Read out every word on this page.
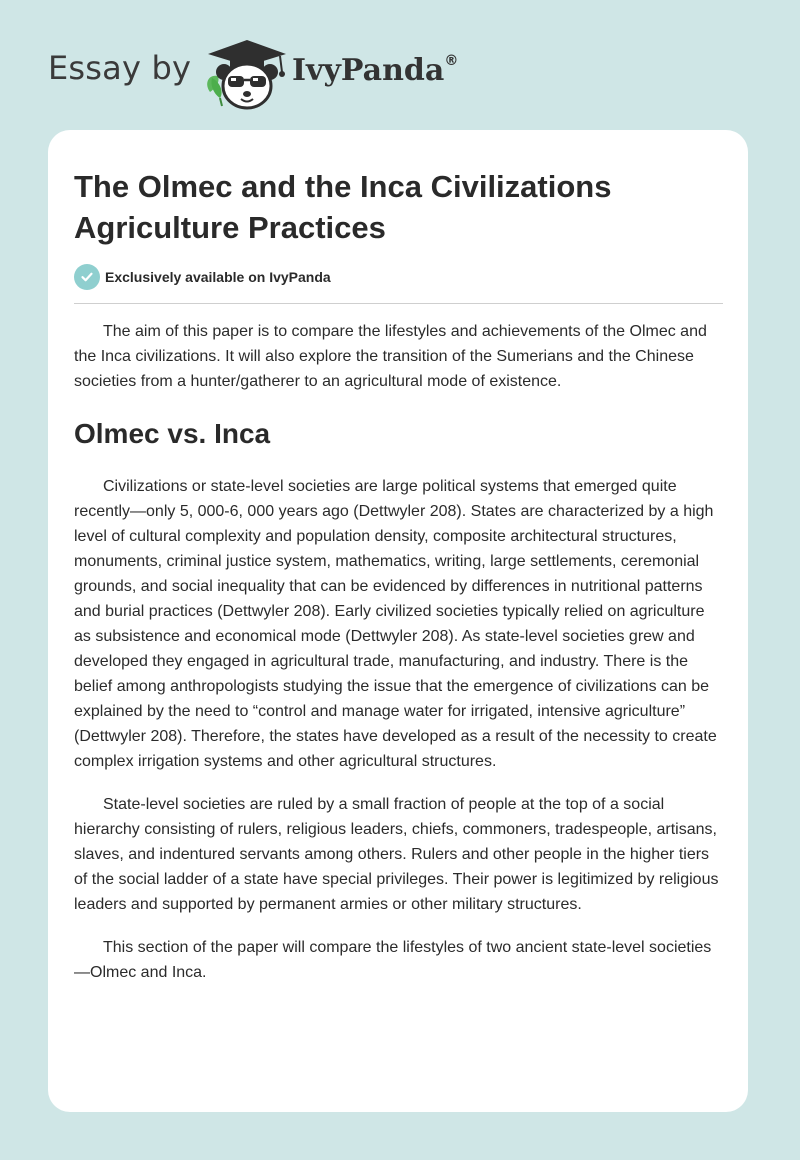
Essay by	IvyPanda®
The Olmec and the Inca Civilizations Agriculture Practices
Exclusively available on IvyPanda

The aim of this paper is to compare the lifestyles and achievements of the Olmec and the Inca civilizations. It will also explore the transition of the Sumerians and the Chinese societies from a hunter/gatherer to an agricultural mode of existence.

Olmec vs. Inca

Civilizations or state-level societies are large political systems that emerged quite recently—only 5, 000-6, 000 years ago (Dettwyler 208). States are characterized by a high level of cultural complexity and population density, composite architectural structures, monuments, criminal justice system, mathematics, writing, large settlements, ceremonial grounds, and social inequality that can be evidenced by differences in nutritional patterns and burial practices (Dettwyler 208). Early civilized societies typically relied on agriculture as subsistence and economical mode (Dettwyler 208). As state-level societies grew and developed they engaged in agricultural trade, manufacturing, and industry. There is the belief among anthropologists studying the issue that the emergence of civilizations can be explained by the need to “control and manage water for irrigated, intensive agriculture” (Dettwyler 208). Therefore, the states have developed as a result of the necessity to create complex irrigation systems and other agricultural structures.

State-level societies are ruled by a small fraction of people at the top of a social hierarchy consisting of rulers, religious leaders, chiefs, commoners, tradespeople, artisans, slaves, and indentured servants among others. Rulers and other people in the higher tiers of the social ladder of a state have special privileges. Their power is legitimized by religious leaders and supported by permanent armies or other military structures.

This section of the paper will compare the lifestyles of two ancient state-level societies—Olmec and Inca.
